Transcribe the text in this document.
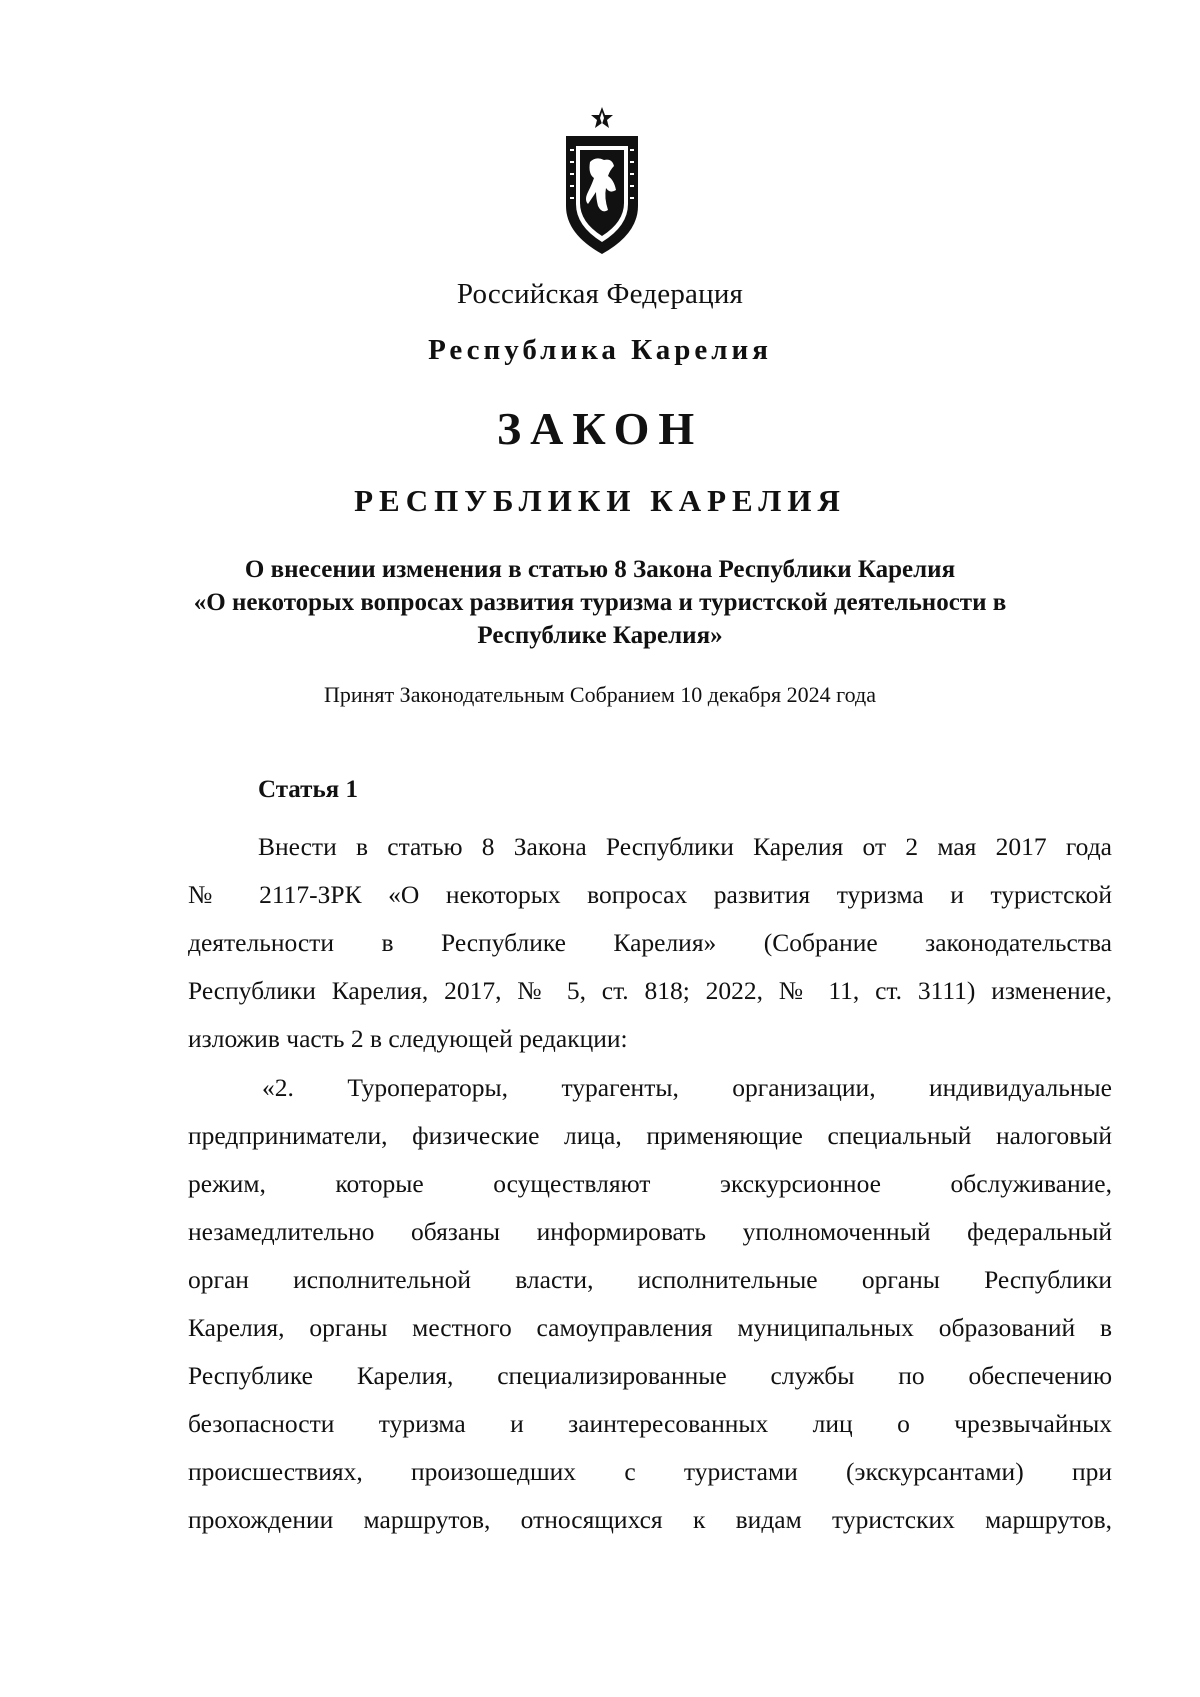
Российская Федерация
Республика Карелия
ЗАКОН
РЕСПУБЛИКИ КАРЕЛИЯ
О внесении изменения в статью 8 Закона Республики Карелия
«О некоторых вопросах развития туризма и туристской деятельности в
Республике Карелия»
Принят Законодательным Собранием 10 декабря 2024 года
Статья 1
Внести в статью 8 Закона Республики Карелия от 2 мая 2017 года
№ 2117-ЗРК «О некоторых вопросах развития туризма и туристской
деятельности в Республике Карелия» (Собрание законодательства
Республики Карелия, 2017, № 5, ст. 818; 2022, № 11, ст. 3111) изменение,
изложив часть 2 в следующей редакции:
«2. Туроператоры, турагенты, организации, индивидуальные
предприниматели, физические лица, применяющие специальный налоговый
режим, которые осуществляют экскурсионное обслуживание,
незамедлительно обязаны информировать уполномоченный федеральный
орган исполнительной власти, исполнительные органы Республики
Карелия, органы местного самоуправления муниципальных образований в
Республике Карелия, специализированные службы по обеспечению
безопасности туризма и заинтересованных лиц о чрезвычайных
происшествиях, произошедших с туристами (экскурсантами) при
прохождении маршрутов, относящихся к видам туристских маршрутов,
